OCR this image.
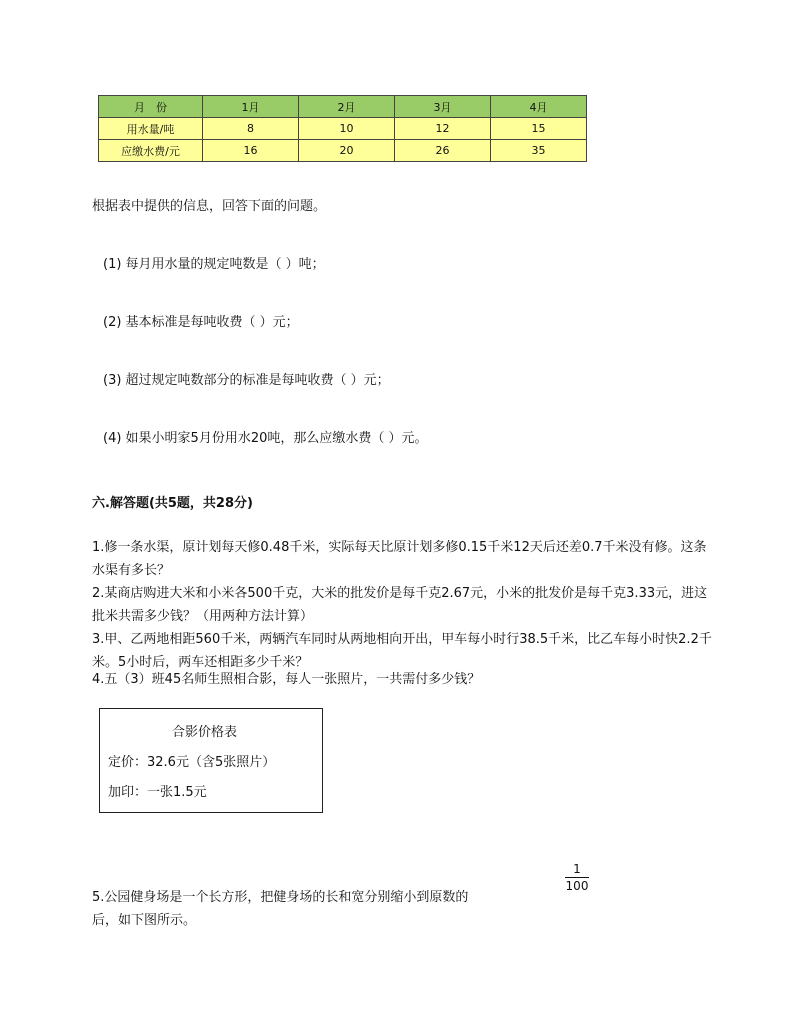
月　份	1月	2月	3月	4月
用水量/吨	8	10	12	15
应缴水费/元	16	20	26	35
根据表中提供的信息，回答下面的问题。
(1) 每月用水量的规定吨数是（ ）吨；
(2) 基本标准是每吨收费（ ）元；
(3) 超过规定吨数部分的标准是每吨收费（ ）元；
(4) 如果小明家5月份用水20吨，那么应缴水费（ ）元。
六.解答题(共5题，共28分)
1.修一条水渠，原计划每天修0.48千米，实际每天比原计划多修0.15千米12天后还差0.7千米没有修。这条水渠有多长？
2.某商店购进大米和小米各500千克，大米的批发价是每千克2.67元，小米的批发价是每千克3.33元，进这批米共需多少钱？（用两种方法计算）
3.甲、乙两地相距560千米，两辆汽车同时从两地相向开出，甲车每小时行38.5千米，比乙车每小时快2.2千米。5小时后，两车还相距多少千米？
4.五（3）班45名师生照相合影，每人一张照片，一共需付多少钱？
合影价格表
定价：32.6元（含5张照片）
加印：一张1.5元
1
100
5.公园健身场是一个长方形，把健身场的长和宽分别缩小到原数的
后，如下图所示。
